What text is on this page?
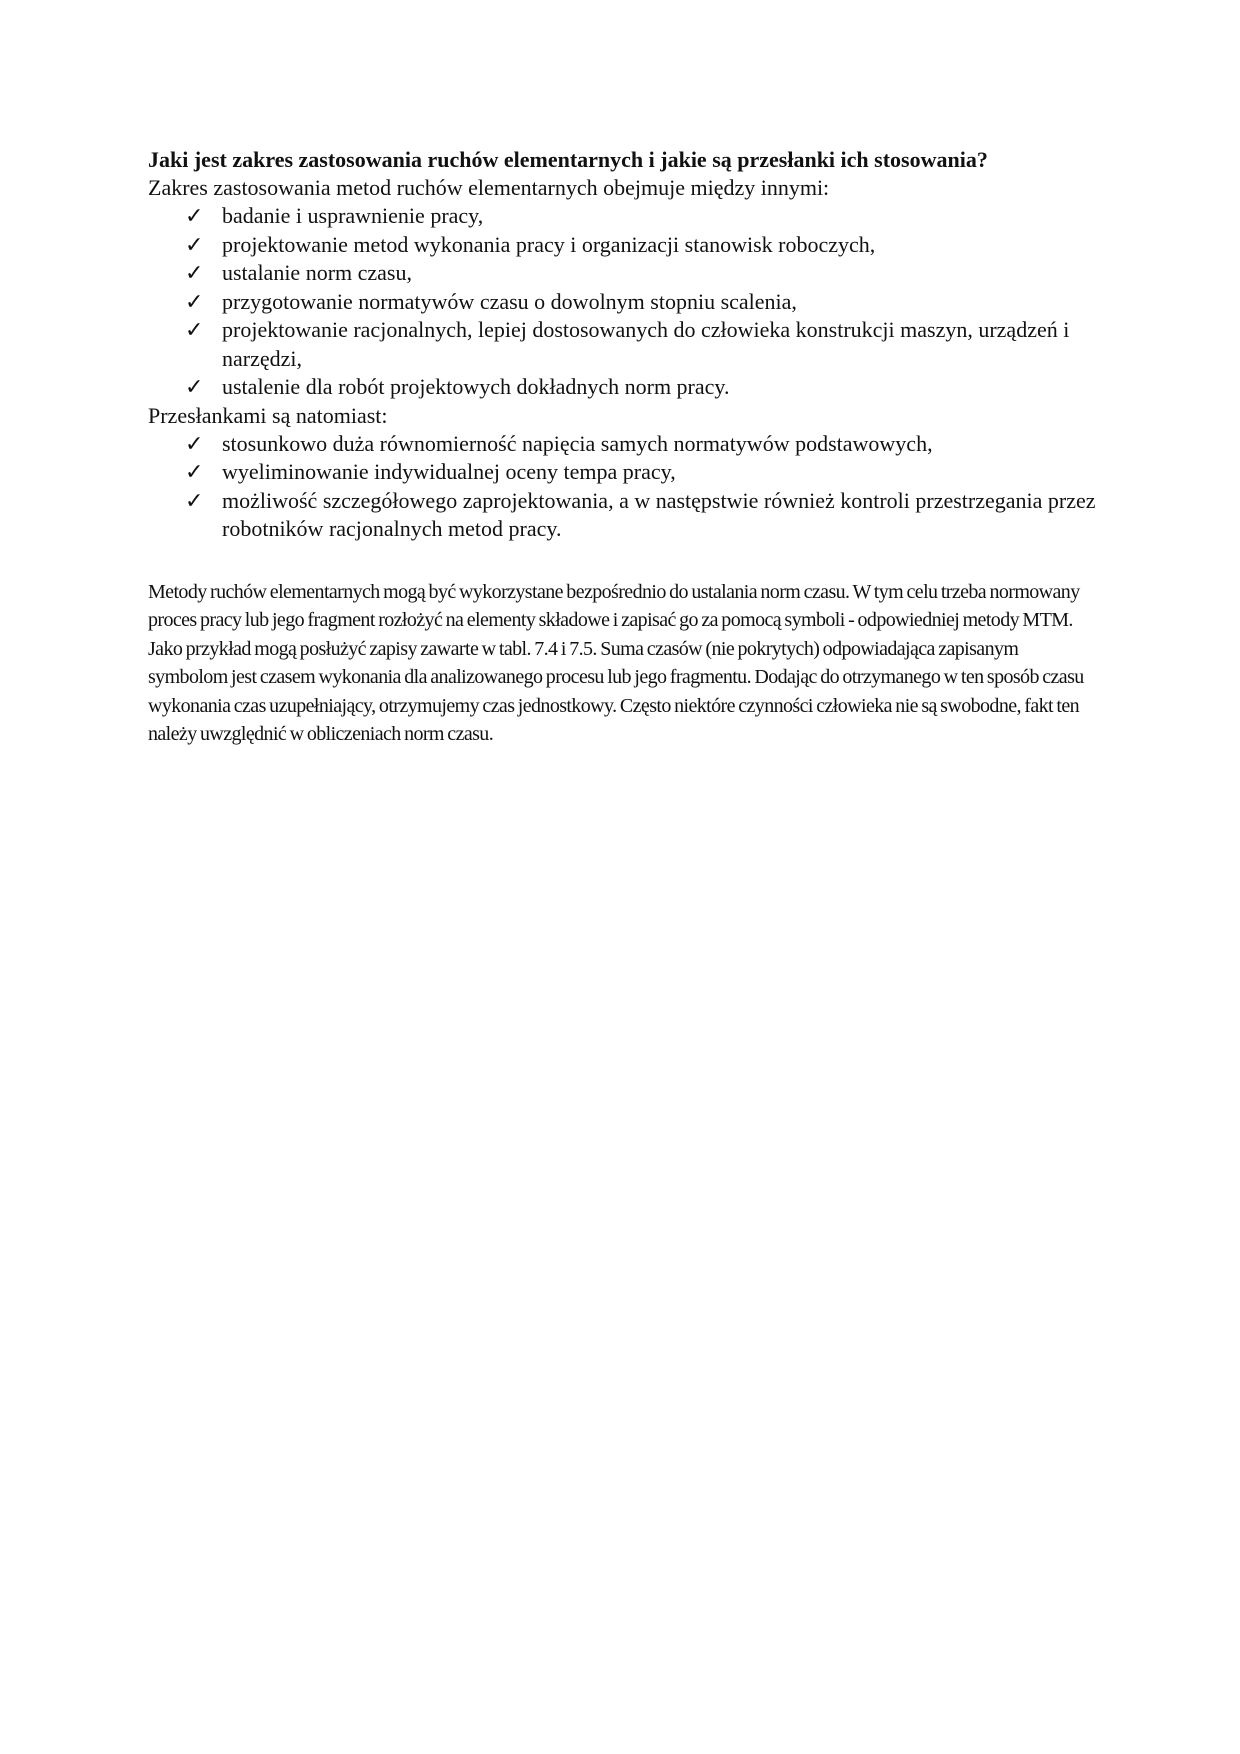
Jaki jest zakres zastosowania ruchów elementarnych i jakie są przesłanki ich stosowania?

Zakres zastosowania metod ruchów elementarnych obejmuje między innymi:

✓ badanie i usprawnienie pracy,
✓ projektowanie metod wykonania pracy i organizacji stanowisk roboczych,
✓ ustalanie norm czasu,
✓ przygotowanie normatywów czasu o dowolnym stopniu scalenia,
✓ projektowanie racjonalnych, lepiej dostosowanych do człowieka konstrukcji maszyn, urządzeń i narzędzi,
✓ ustalenie dla robót projektowych dokładnych norm pracy.

Przesłankami są natomiast:

✓ stosunkowo duża równomierność napięcia samych normatywów podstawowych,
✓ wyeliminowanie indywidualnej oceny tempa pracy,
✓ możliwość szczegółowego zaprojektowania, a w następstwie również kontroli przestrzegania przez robotników racjonalnych metod pracy.

Metody ruchów elementarnych mogą być wykorzystane bezpośrednio do ustalania norm czasu. W tym celu trzeba normowany proces pracy lub jego fragment rozłożyć na elementy składowe i zapisać go za pomocą symboli - odpowiedniej metody MTM. Jako przykład mogą posłużyć zapisy zawarte w tabl. 7.4 i 7.5. Suma czasów (nie pokrytych) odpowiadająca zapisanym symbolom jest czasem wykonania dla analizowanego procesu lub jego fragmentu. Dodając do otrzymanego w ten sposób czasu wykonania czas uzupełniający, otrzymujemy czas jednostkowy. Często niektóre czynności człowieka nie są swobodne, fakt ten należy uwzględnić w obliczeniach norm czasu.
